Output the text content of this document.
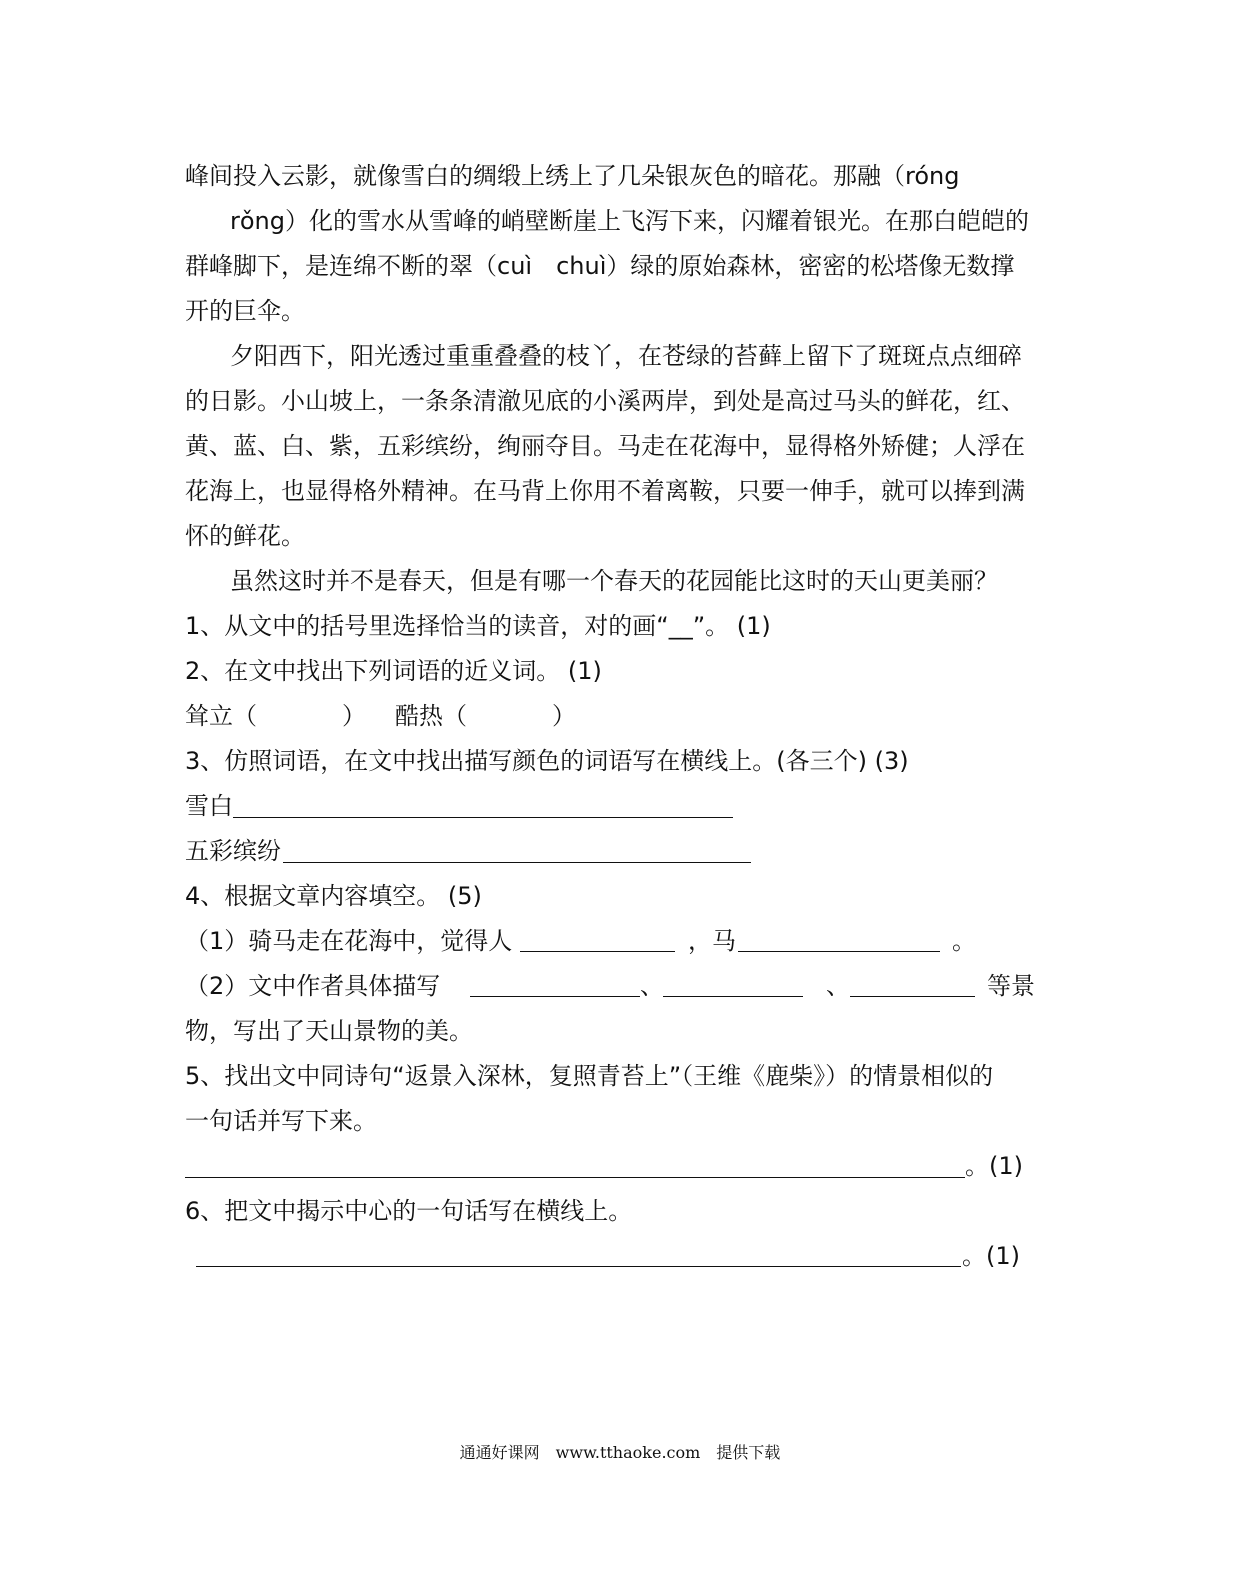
峰间投入云影，就像雪白的绸缎上绣上了几朵银灰色的暗花。那融（róng
rǒng）化的雪水从雪峰的峭壁断崖上飞泻下来，闪耀着银光。在那白皑皑的
群峰脚下，是连绵不断的翠（cuì　chuì）绿的原始森林，密密的松塔像无数撑
开的巨伞。
夕阳西下，阳光透过重重叠叠的枝丫，在苍绿的苔藓上留下了斑斑点点细碎
的日影。小山坡上，一条条清澈见底的小溪两岸，到处是高过马头的鲜花，红、
黄、蓝、白、紫，五彩缤纷，绚丽夺目。马走在花海中，显得格外矫健；人浮在
花海上，也显得格外精神。在马背上你用不着离鞍，只要一伸手，就可以捧到满
怀的鲜花。
虽然这时并不是春天，但是有哪一个春天的花园能比这时的天山更美丽？
1、从文中的括号里选择恰当的读音，对的画“__”。 (1)
2、在文中找出下列词语的近义词。 (1)
耸立（	） 酷热（	）
3、仿照词语，在文中找出描写颜色的词语写在横线上。(各三个) (3)
雪白
五彩缤纷
4、根据文章内容填空。 (5)
（1）骑马走在花海中，觉得人	，马	。
（2）文中作者具体描写	、	、	等景
物，写出了天山景物的美。
5、找出文中同诗句“返景入深林，复照青苔上”（王维《鹿柴》）的情景相似的
一句话并写下来。
。(1)
6、把文中揭示中心的一句话写在横线上。
。(1)
通通好课网　www.tthaoke.com　提供下载
